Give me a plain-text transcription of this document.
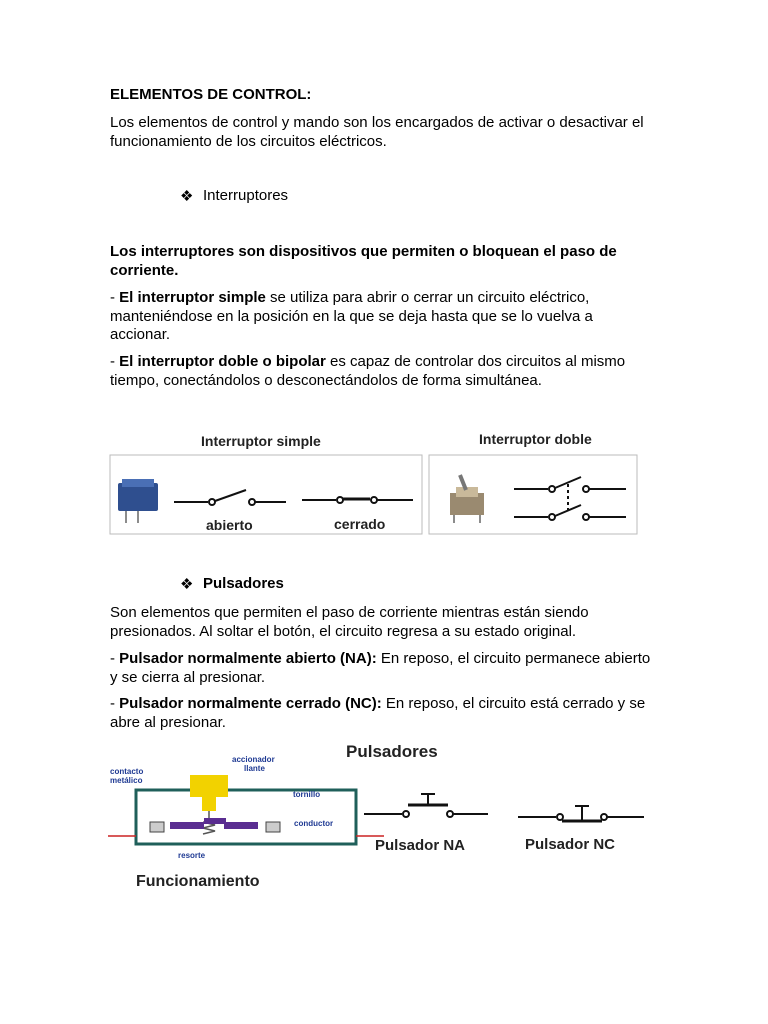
ELEMENTOS DE CONTROL:
Los elementos de control y mando son los encargados de activar o desactivar el funcionamiento de los circuitos eléctricos.
❖ Interruptores
Los interruptores son dispositivos que permiten o bloquean el paso de corriente.
- El interruptor simple se utiliza para abrir o cerrar un circuito eléctrico, manteniéndose en la posición en la que se deja hasta que se lo vuelva a accionar.
- El interruptor doble o bipolar es capaz de controlar dos circuitos al mismo tiempo, conectándolos o desconectándolos de forma simultánea.
Interruptor simple	Interruptor doble
abierto	cerrado
❖ Pulsadores
Son elementos que permiten el paso de corriente mientras están siendo presionados. Al soltar el botón, el circuito regresa a su estado original.
- Pulsador normalmente abierto (NA): En reposo, el circuito permanece abierto y se cierra al presionar.
- Pulsador normalmente cerrado (NC): En reposo, el circuito está cerrado y se abre al presionar.
accionador
llante
contacto
metálico
tornillo
conductor
resorte
Funcionamiento
Pulsadores
Pulsador NA	Pulsador NC
